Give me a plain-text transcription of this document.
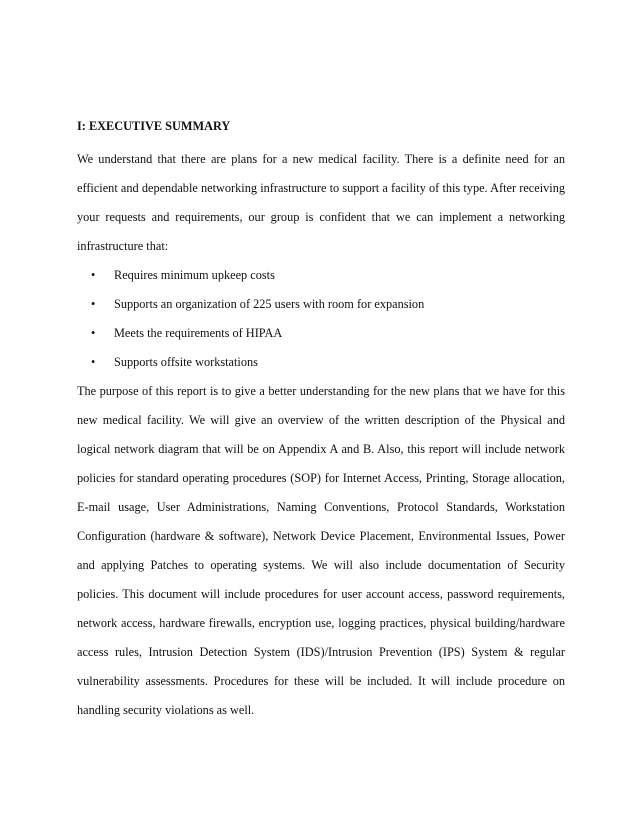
I: EXECUTIVE SUMMARY

We understand that there are plans for a new medical facility. There is a definite need for an efficient and dependable networking infrastructure to support a facility of this type. After receiving your requests and requirements, our group is confident that we can implement a networking infrastructure that:

• Requires minimum upkeep costs
• Supports an organization of 225 users with room for expansion
• Meets the requirements of HIPAA
• Supports offsite workstations

The purpose of this report is to give a better understanding for the new plans that we have for this new medical facility. We will give an overview of the written description of the Physical and logical network diagram that will be on Appendix A and B. Also, this report will include network policies for standard operating procedures (SOP) for Internet Access, Printing, Storage allocation, E-mail usage, User Administrations, Naming Conventions, Protocol Standards, Workstation Configuration (hardware & software), Network Device Placement, Environmental Issues, Power and applying Patches to operating systems. We will also include documentation of Security policies. This document will include procedures for user account access, password requirements, network access, hardware firewalls, encryption use, logging practices, physical building/hardware access rules, Intrusion Detection System (IDS)/Intrusion Prevention (IPS) System & regular vulnerability assessments. Procedures for these will be included. It will include procedure on handling security violations as well.
